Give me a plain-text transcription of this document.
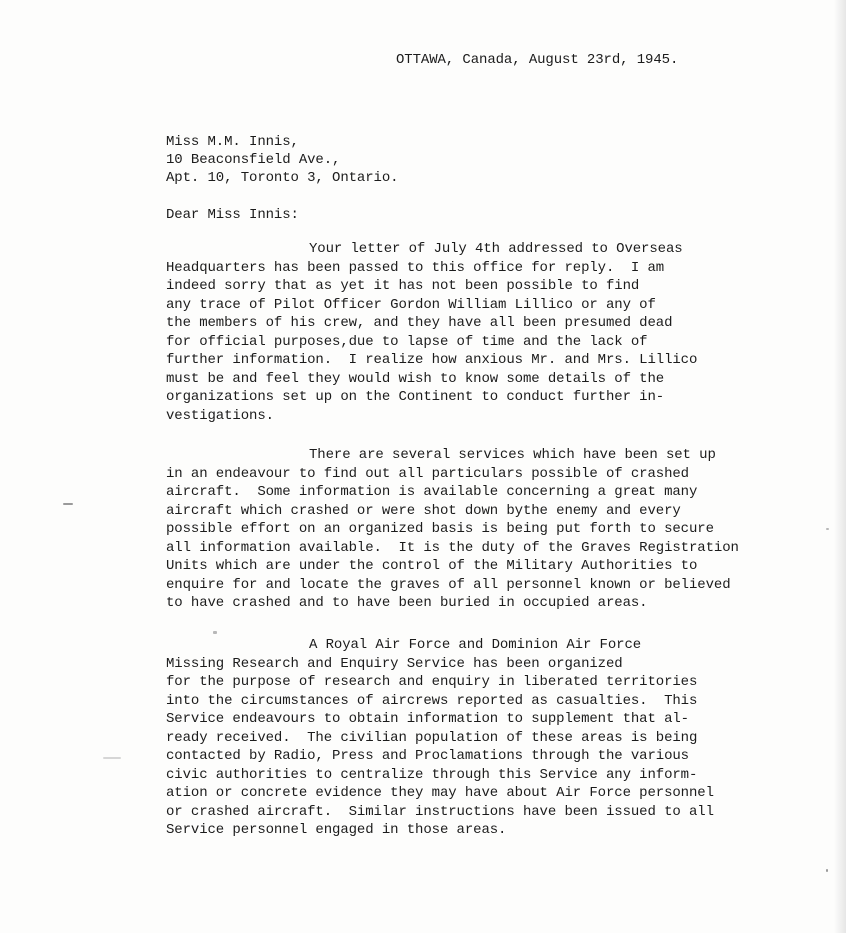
OTTAWA, Canada, August 23rd, 1945.
Miss M.M. Innis,
10 Beaconsfield Ave.,
Apt. 10, Toronto 3, Ontario.
Dear Miss Innis:
Your letter of July 4th addressed to Overseas
Headquarters has been passed to this office for reply.  I am
indeed sorry that as yet it has not been possible to find
any trace of Pilot Officer Gordon William Lillico or any of
the members of his crew, and they have all been presumed dead
for official purposes,due to lapse of time and the lack of
further information.  I realize how anxious Mr. and Mrs. Lillico
must be and feel they would wish to know some details of the
organizations set up on the Continent to conduct further in-
vestigations.
There are several services which have been set up
in an endeavour to find out all particulars possible of crashed
aircraft.  Some information is available concerning a great many
aircraft which crashed or were shot down bythe enemy and every
possible effort on an organized basis is being put forth to secure
all information available.  It is the duty of the Graves Registration
Units which are under the control of the Military Authorities to
enquire for and locate the graves of all personnel known or believed
to have crashed and to have been buried in occupied areas.
A Royal Air Force and Dominion Air Force
Missing Research and Enquiry Service has been organized
for the purpose of research and enquiry in liberated territories
into the circumstances of aircrews reported as casualties.  This
Service endeavours to obtain information to supplement that al-
ready received.  The civilian population of these areas is being
contacted by Radio, Press and Proclamations through the various
civic authorities to centralize through this Service any inform-
ation or concrete evidence they may have about Air Force personnel
or crashed aircraft.  Similar instructions have been issued to all
Service personnel engaged in those areas.
